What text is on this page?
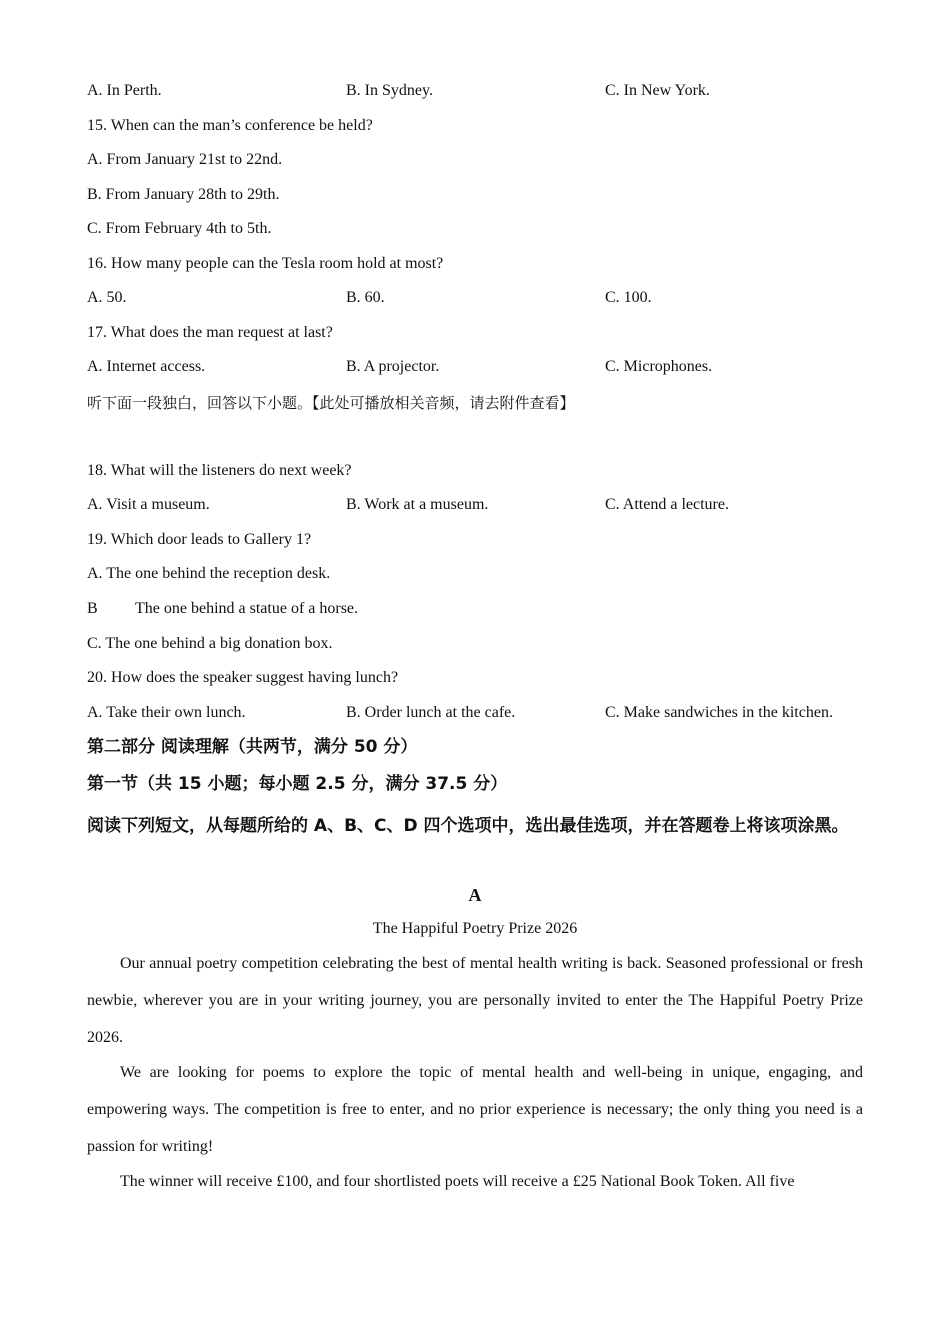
A. In Perth.	B. In Sydney.	C. In New York.
15. When can the man’s conference be held?
A. From January 21st to 22nd.
B. From January 28th to 29th.
C. From February 4th to 5th.
16. How many people can the Tesla room hold at most?
A. 50.	B. 60.	C. 100.
17. What does the man request at last?
A. Internet access.	B. A projector.	C. Microphones.
听下面一段独白，回答以下小题。【此处可播放相关音频，请去附件查看】
18. What will the listeners do next week?
A. Visit a museum.	B. Work at a museum.	C. Attend a lecture.
19. Which door leads to Gallery 1?
A. The one behind the reception desk.
B The one behind a statue of a horse.
C. The one behind a big donation box.
20. How does the speaker suggest having lunch?
A. Take their own lunch.	B. Order lunch at the cafe.	C. Make sandwiches in the kitchen.
第二部分 阅读理解（共两节，满分 50 分）
第一节（共 15 小题；每小题 2.5 分，满分 37.5 分）
阅读下列短文，从每题所给的 A、B、C、D 四个选项中，选出最佳选项，并在答题卷上将该项涂黑。
A
The Happiful Poetry Prize 2026

Our annual poetry competition celebrating the best of mental health writing is back. Seasoned professional or fresh newbie, wherever you are in your writing journey, you are personally invited to enter the The Happiful Poetry Prize 2026.

We are looking for poems to explore the topic of mental health and well-being in unique, engaging, and empowering ways. The competition is free to enter, and no prior experience is necessary; the only thing you need is a passion for writing!

The winner will receive £100, and four shortlisted poets will receive a £25 National Book Token. All five
